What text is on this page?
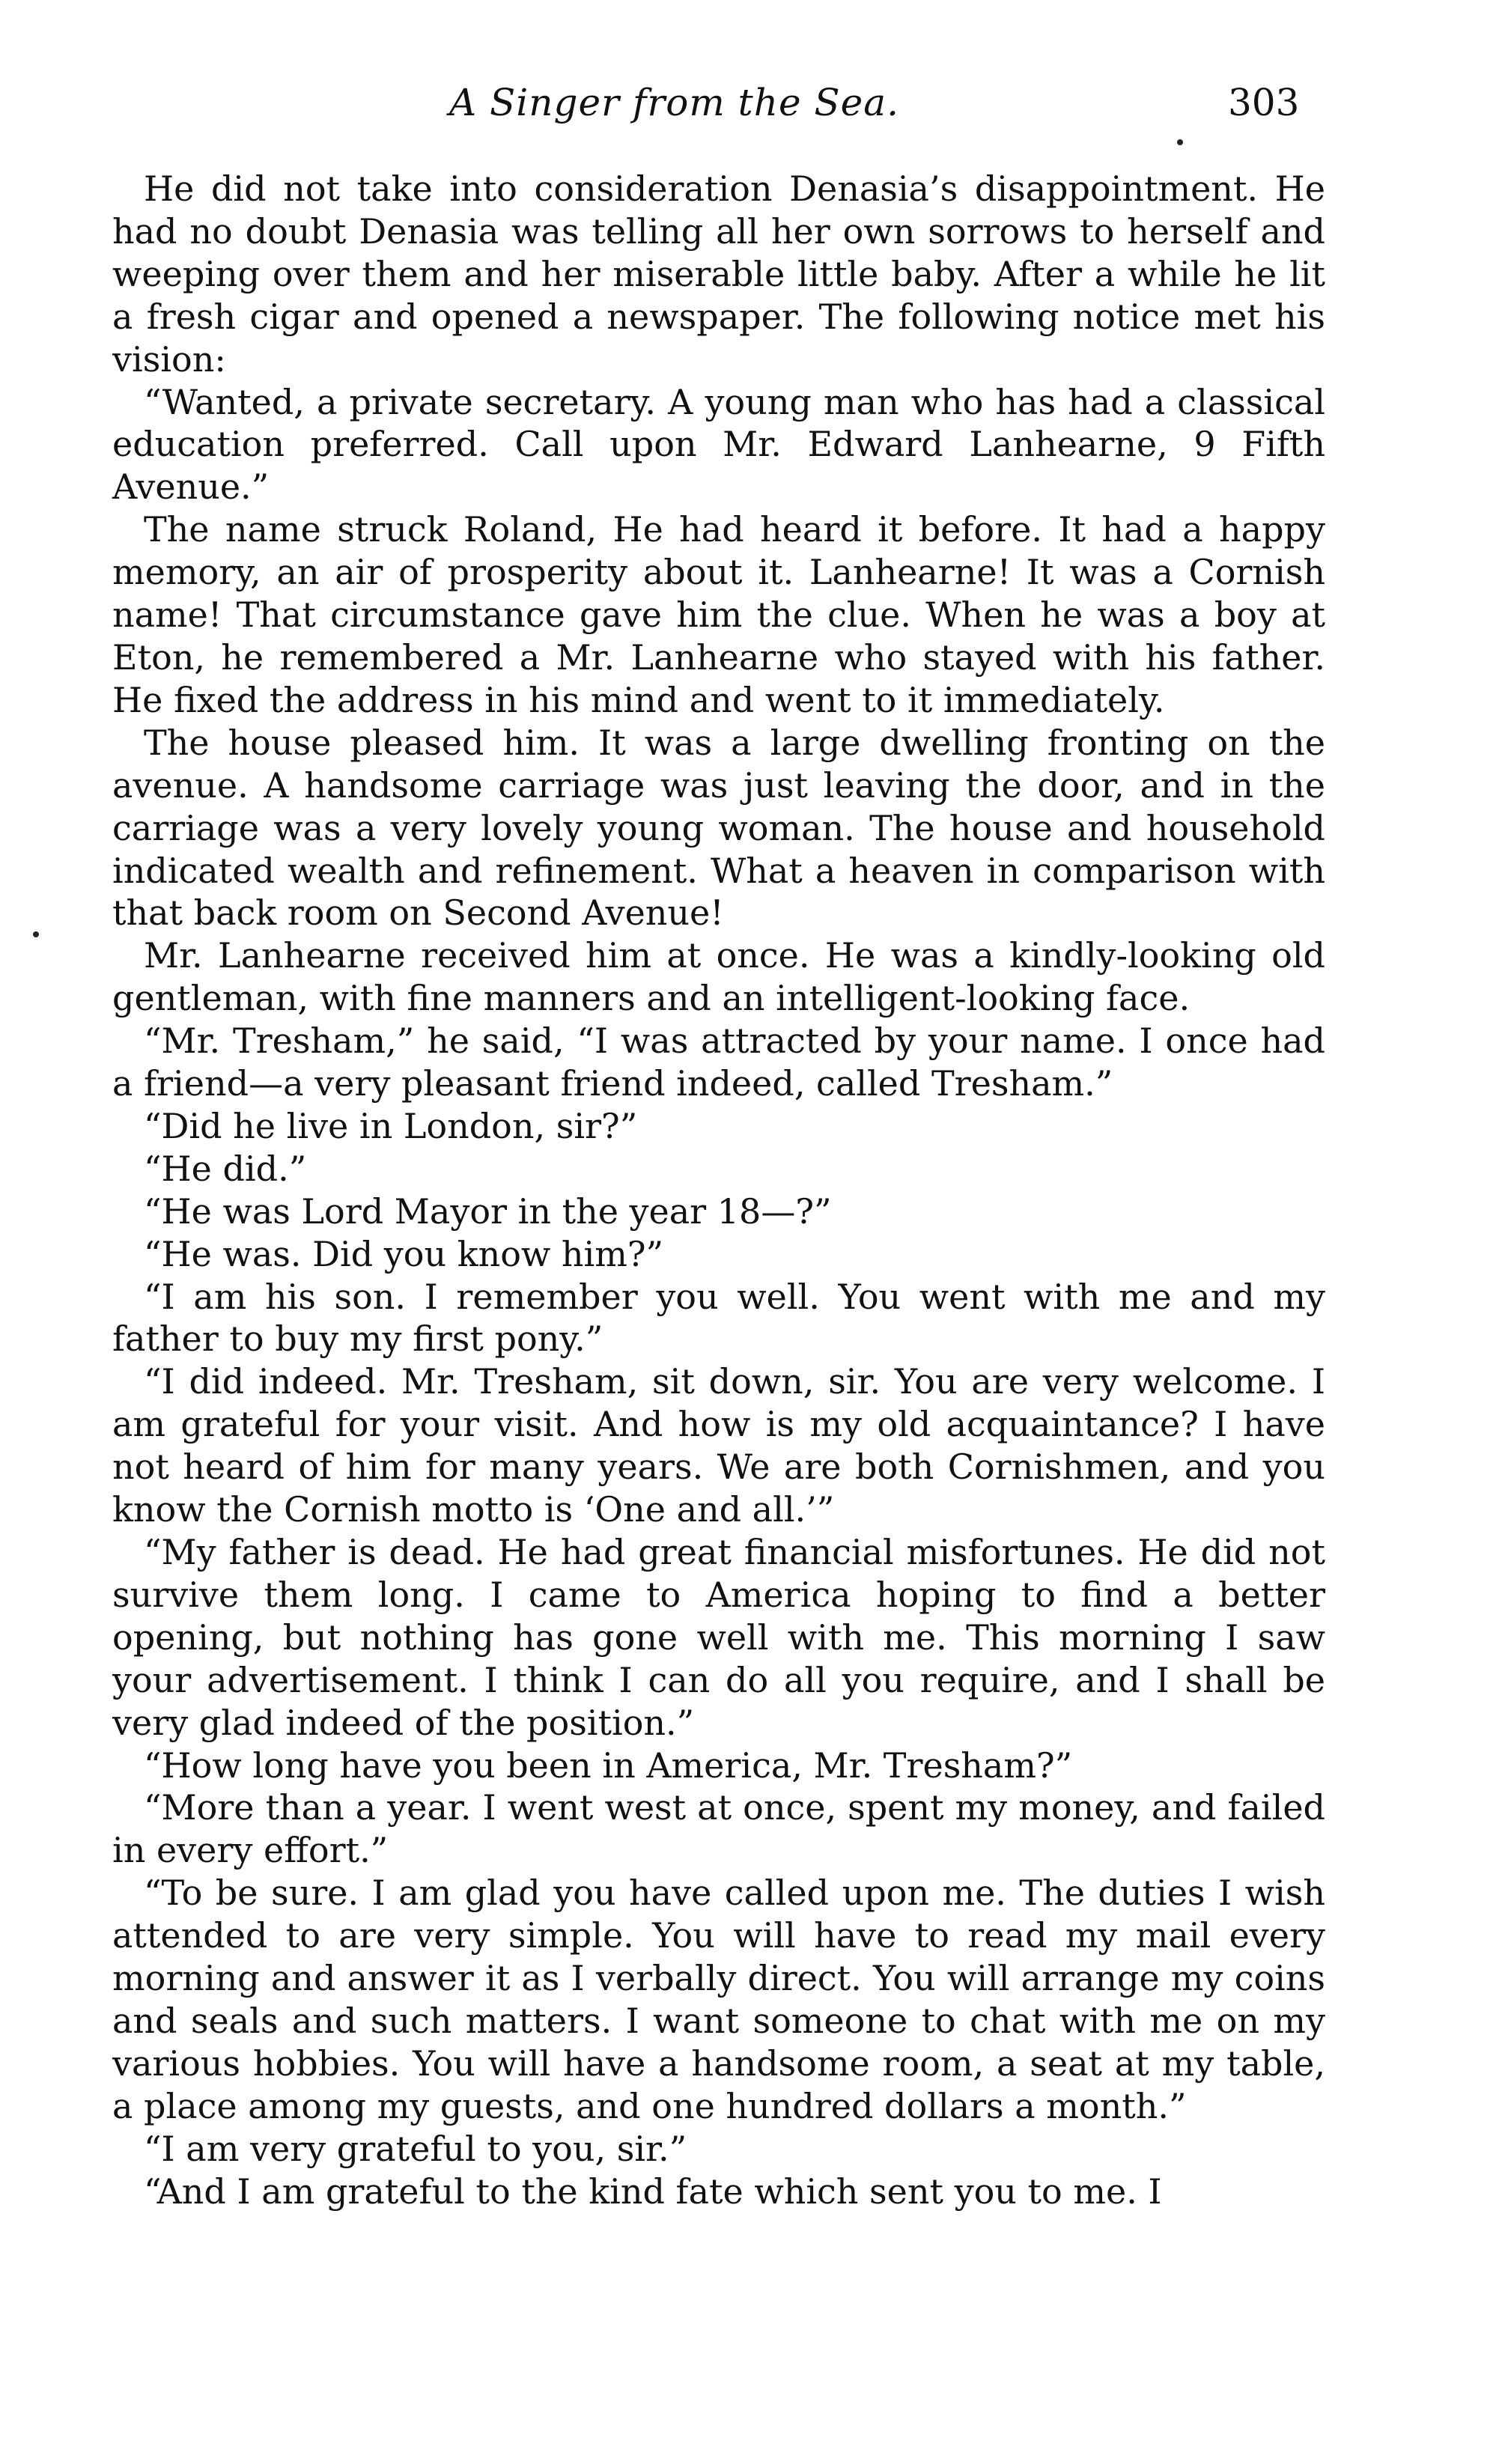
A Singer from the Sea.	303

He did not take into consideration Denasia’s disappointment. He had no doubt Denasia was telling all her own sorrows to herself and weeping over them and her miserable little baby. After a while he lit a fresh cigar and opened a newspaper. The following notice met his vision:

“Wanted, a private secretary. A young man who has had a classical education preferred. Call upon Mr. Edward Lanhearne, 9 Fifth Avenue.”

The name struck Roland, He had heard it before. It had a happy memory, an air of prosperity about it. Lanhearne! It was a Cornish name! That circumstance gave him the clue. When he was a boy at Eton, he remembered a Mr. Lanhearne who stayed with his father. He fixed the address in his mind and went to it immediately.

The house pleased him. It was a large dwelling fronting on the avenue. A handsome carriage was just leaving the door, and in the carriage was a very lovely young woman. The house and household indicated wealth and refinement. What a heaven in comparison with that back room on Second Avenue!

Mr. Lanhearne received him at once. He was a kindly-looking old gentleman, with fine manners and an intelligent-looking face.

“Mr. Tresham,” he said, “I was attracted by your name. I once had a friend—a very pleasant friend indeed, called Tresham.”

“Did he live in London, sir?”

“He did.”

“He was Lord Mayor in the year 18—?”

“He was. Did you know him?”

“I am his son. I remember you well. You went with me and my father to buy my first pony.”

“I did indeed. Mr. Tresham, sit down, sir. You are very welcome. I am grateful for your visit. And how is my old acquaintance? I have not heard of him for many years. We are both Cornishmen, and you know the Cornish motto is ‘One and all.’”

“My father is dead. He had great financial misfortunes. He did not survive them long. I came to America hoping to find a better opening, but nothing has gone well with me. This morning I saw your advertisement. I think I can do all you require, and I shall be very glad indeed of the position.”

“How long have you been in America, Mr. Tresham?”

“More than a year. I went west at once, spent my money, and failed in every effort.”

“To be sure. I am glad you have called upon me. The duties I wish attended to are very simple. You will have to read my mail every morning and answer it as I verbally direct. You will arrange my coins and seals and such matters. I want someone to chat with me on my various hobbies. You will have a handsome room, a seat at my table, a place among my guests, and one hundred dollars a month.”

“I am very grateful to you, sir.”

“And I am grateful to the kind fate which sent you to me. I
